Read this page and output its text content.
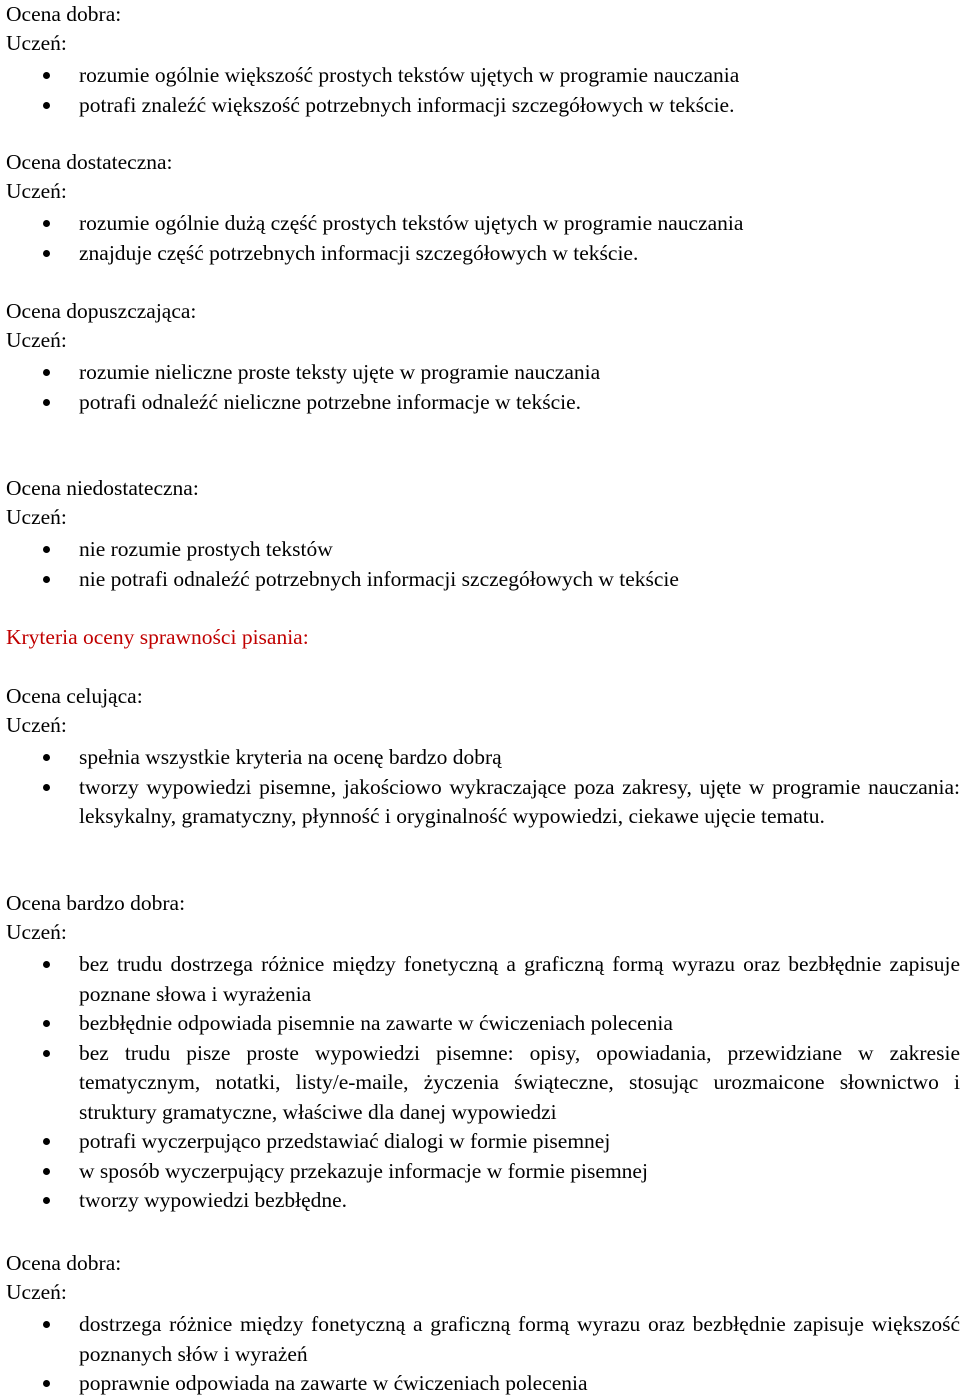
Ocena dobra:
Uczeń:
rozumie ogólnie większość prostych tekstów ujętych w programie nauczania
potrafi znaleźć większość potrzebnych informacji szczegółowych w tekście.
Ocena dostateczna:
Uczeń:
rozumie ogólnie dużą część prostych tekstów ujętych w programie nauczania
znajduje część potrzebnych informacji szczegółowych w tekście.
Ocena dopuszczająca:
Uczeń:
rozumie nieliczne proste teksty ujęte w programie nauczania
potrafi odnaleźć nieliczne potrzebne informacje w tekście.
Ocena niedostateczna:
Uczeń:
nie rozumie prostych tekstów
nie potrafi odnaleźć potrzebnych informacji szczegółowych w tekście
Kryteria oceny sprawności pisania:
Ocena celująca:
Uczeń:
spełnia wszystkie kryteria na ocenę bardzo dobrą
tworzy wypowiedzi pisemne, jakościowo wykraczające poza zakresy, ujęte w programie nauczania: leksykalny, gramatyczny, płynność i oryginalność wypowiedzi, ciekawe ujęcie tematu.
Ocena bardzo dobra:
Uczeń:
bez trudu dostrzega różnice między fonetyczną a graficzną formą wyrazu oraz bezbłędnie zapisuje poznane słowa i wyrażenia
bezbłędnie odpowiada pisemnie na zawarte w ćwiczeniach polecenia
bez trudu pisze proste wypowiedzi pisemne: opisy, opowiadania, przewidziane w zakresie tematycznym, notatki, listy/e-maile, życzenia świąteczne, stosując urozmaicone słownictwo i struktury gramatyczne, właściwe dla danej wypowiedzi
potrafi wyczerpująco przedstawiać dialogi w formie pisemnej
w sposób wyczerpujący przekazuje informacje w formie pisemnej
tworzy wypowiedzi bezbłędne.
Ocena dobra:
Uczeń:
dostrzega różnice między fonetyczną a graficzną formą wyrazu oraz bezbłędnie zapisuje większość poznanych słów i wyrażeń
poprawnie odpowiada na zawarte w ćwiczeniach polecenia
